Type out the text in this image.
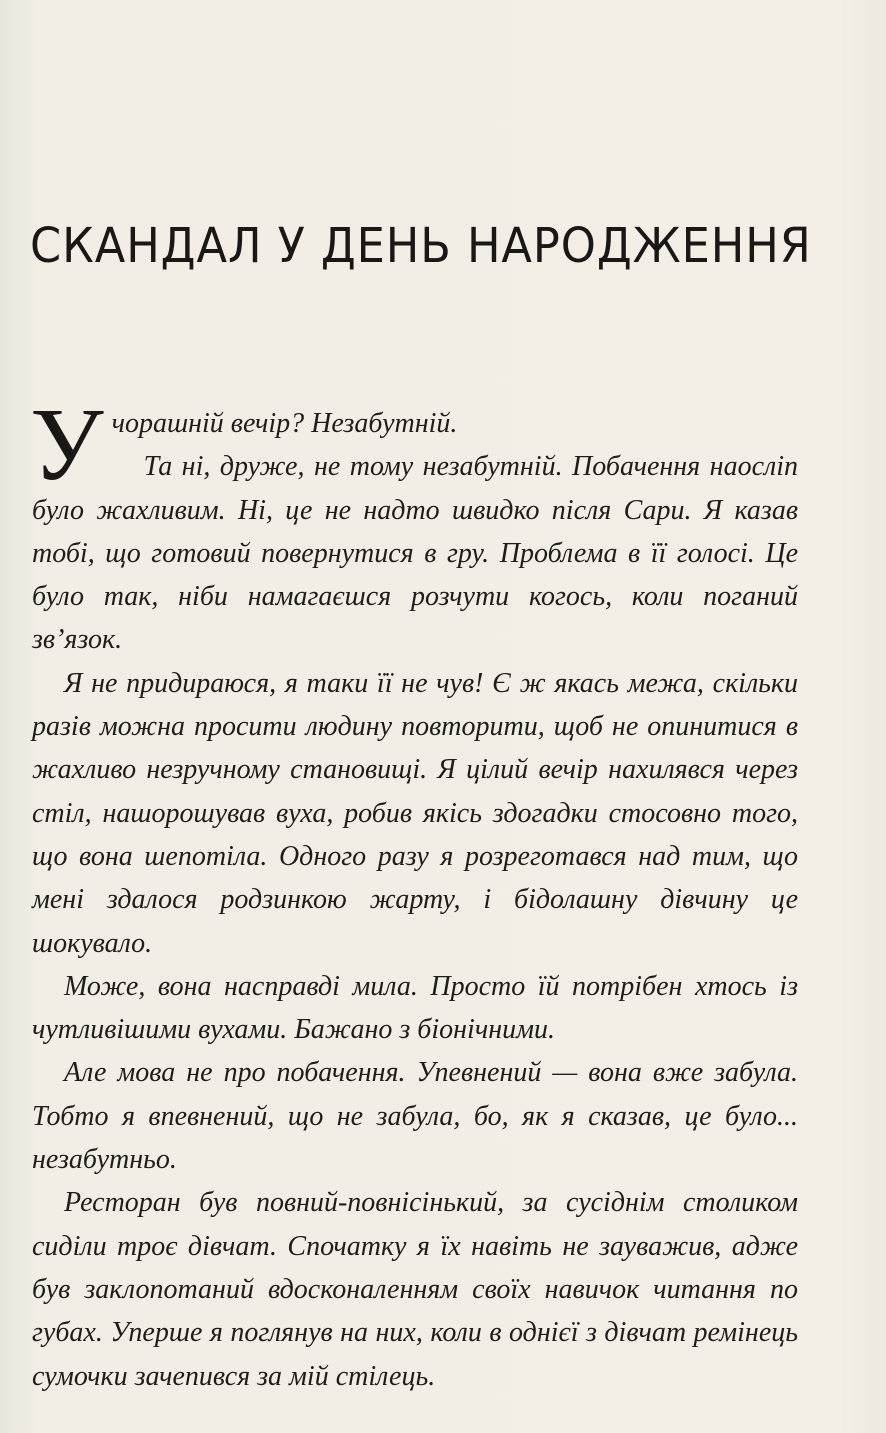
СКАНДАЛ У ДЕНЬ НАРОДЖЕННЯ

Учорашній вечір? Незабутній.

Та ні, друже, не тому незабутній. Побачення наосліп було жахливим. Ні, це не надто швидко після Сари. Я казав тобі, що готовий повернутися в гру. Проблема в її голосі. Це було так, ніби намагаєшся розчути когось, коли поганий зв’язок.

Я не придираюся, я таки її не чув! Є ж якась межа, скільки разів можна просити людину повторити, щоб не опинитися в жахливо незручному становищі. Я цілий вечір нахилявся через стіл, нашорошував вуха, робив якісь здогадки стосовно того, що вона шепотіла. Одного разу я розреготався над тим, що мені здалося родзинкою жарту, і бідолашну дівчину це шокувало.

Може, вона насправді мила. Просто їй потрібен хтось із чутливішими вухами. Бажано з біонічними.

Але мова не про побачення. Упевнений — вона вже забула. Тобто я впевнений, що не забула, бо, як я сказав, це було... незабутньо.

Ресторан був повний-повнісінький, за сусіднім столиком сиділи троє дівчат. Спочатку я їх навіть не зауважив, адже був заклопотаний вдосконаленням своїх навичок читання по губах. Уперше я поглянув на них, коли в однієї з дівчат ремінець сумочки зачепився за мій стілець.
